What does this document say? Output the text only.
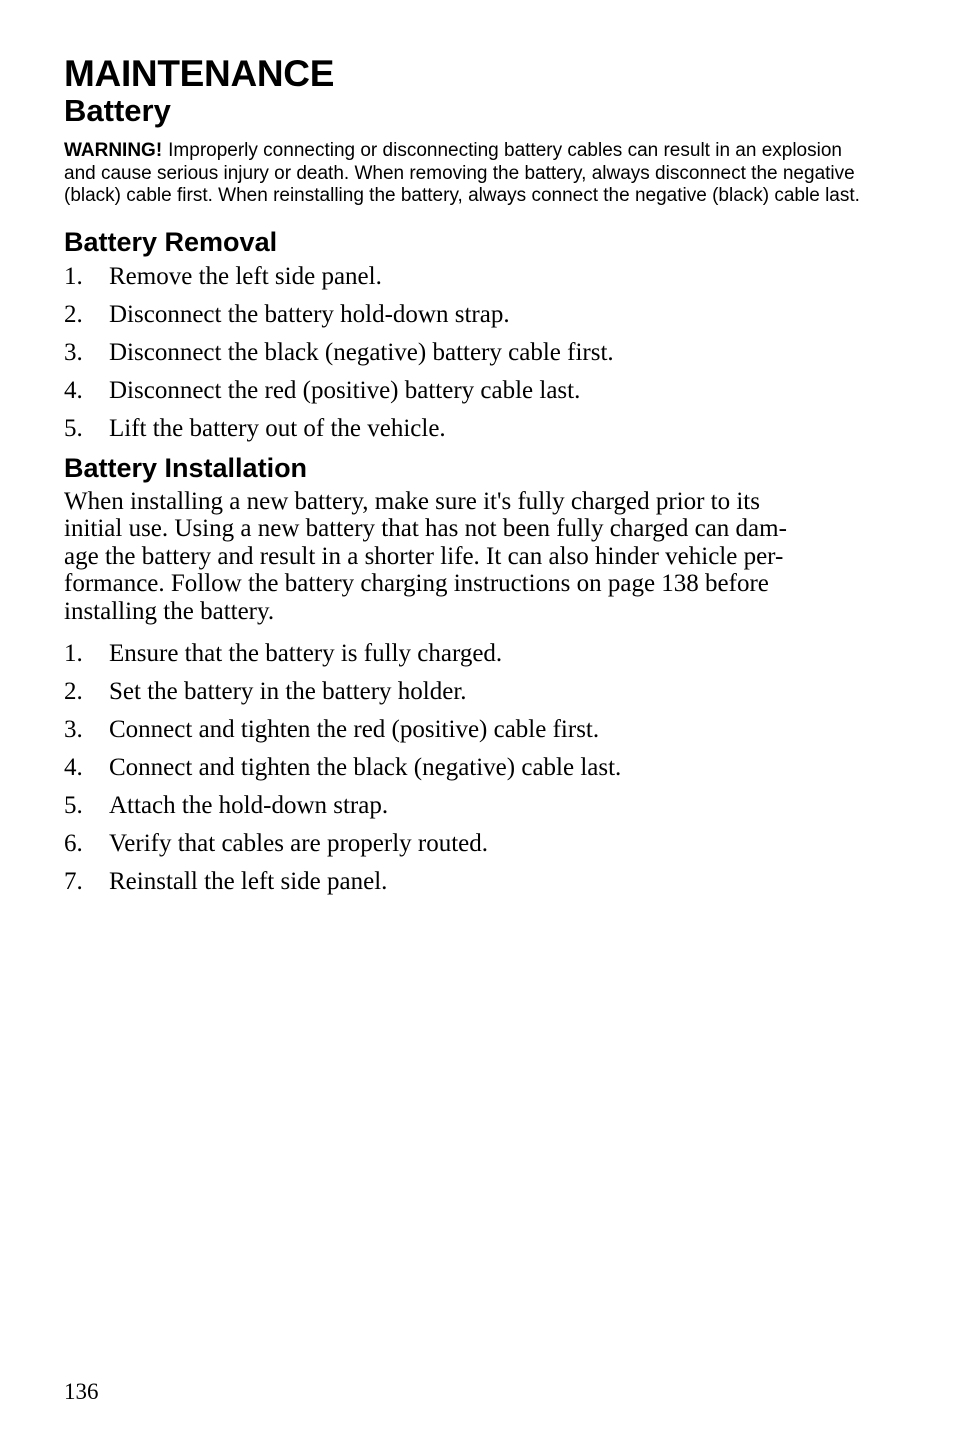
MAINTENANCE
Battery

WARNING! Improperly connecting or disconnecting battery cables can result in an explosion and cause serious injury or death. When removing the battery, always disconnect the negative (black) cable first. When reinstalling the battery, always connect the negative (black) cable last.

Battery Removal
1.	Remove the left side panel.
2.	Disconnect the battery hold-down strap.
3.	Disconnect the black (negative) battery cable first.
4.	Disconnect the red (positive) battery cable last.
5.	Lift the battery out of the vehicle.
Battery Installation

When installing a new battery, make sure it's fully charged prior to its
initial use. Using a new battery that has not been fully charged can dam-
age the battery and result in a shorter life. It can also hinder vehicle per-
formance. Follow the battery charging instructions on page 138 before
installing the battery.

1.	Ensure that the battery is fully charged.
2.	Set the battery in the battery holder.
3.	Connect and tighten the red (positive) cable first.
4.	Connect and tighten the black (negative) cable last.
5.	Attach the hold-down strap.
6.	Verify that cables are properly routed.
7.	Reinstall the left side panel.
136
